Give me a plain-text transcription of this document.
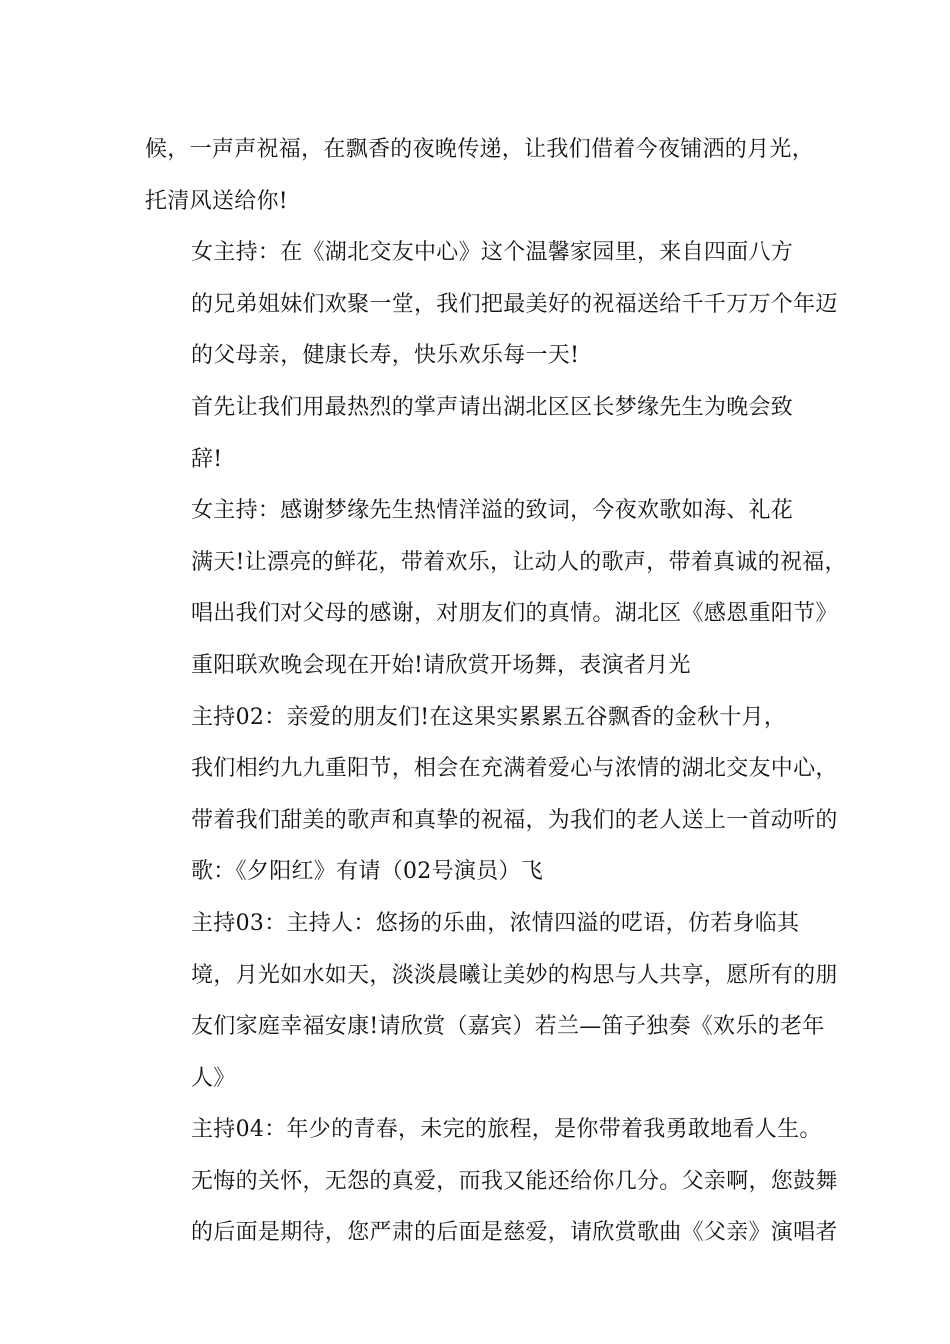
候，一声声祝福，在飘香的夜晚传递，让我们借着今夜铺洒的月光，
托清风送给你!

女主持：在《湖北交友中心》这个温馨家园里，来自四面八方
的兄弟姐妹们欢聚一堂，我们把最美好的祝福送给千千万万个年迈
的父母亲，健康长寿，快乐欢乐每一天!

首先让我们用最热烈的掌声请出湖北区区长梦缘先生为晚会致
辞!

女主持：感谢梦缘先生热情洋溢的致词，今夜欢歌如海、礼花
满天!让漂亮的鲜花，带着欢乐，让动人的歌声，带着真诚的祝福，
唱出我们对父母的感谢，对朋友们的真情。湖北区《感恩重阳节》
重阳联欢晚会现在开始!请欣赏开场舞，表演者月光

主持02：亲爱的朋友们!在这果实累累五谷飘香的金秋十月，
我们相约九九重阳节，相会在充满着爱心与浓情的湖北交友中心，
带着我们甜美的歌声和真挚的祝福，为我们的老人送上一首动听的
歌：《夕阳红》有请（02号演员）飞

主持03：主持人：悠扬的乐曲，浓情四溢的呓语，仿若身临其
境，月光如水如天，淡淡晨曦让美妙的构思与人共享，愿所有的朋
友们家庭幸福安康!请欣赏（嘉宾）若兰—笛子独奏《欢乐的老年
人》

主持04：年少的青春，未完的旅程，是你带着我勇敢地看人生。
无悔的关怀，无怨的真爱，而我又能还给你几分。父亲啊，您鼓舞
的后面是期待，您严肃的后面是慈爱，请欣赏歌曲《父亲》演唱者
